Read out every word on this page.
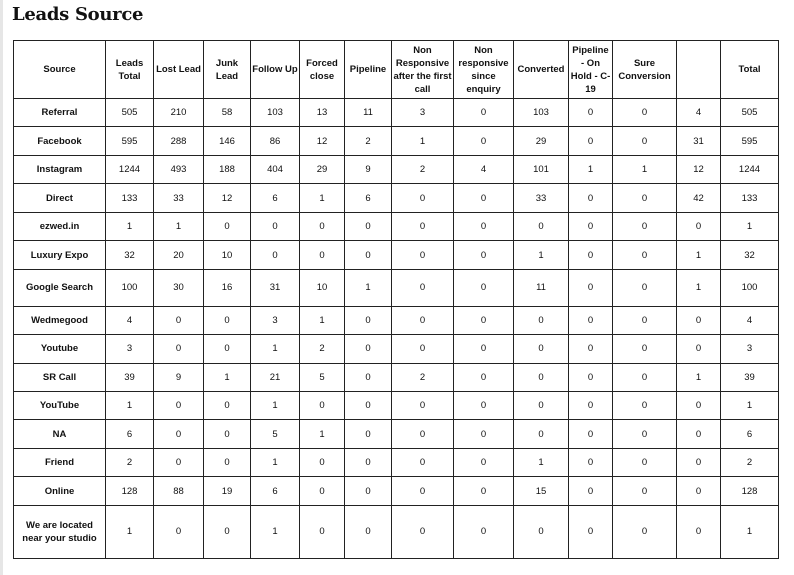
Leads Source
Source	Leads Total	Lost Lead	Junk Lead	Follow Up	Forced close	Pipeline	Non Responsive after the first call	Non responsive since enquiry	Converted	Pipeline - On Hold - C-19	Sure Conversion		Total
Referral	505	210	58	103	13	11	3	0	103	0	0	4	505
Facebook	595	288	146	86	12	2	1	0	29	0	0	31	595
Instagram	1244	493	188	404	29	9	2	4	101	1	1	12	1244
Direct	133	33	12	6	1	6	0	0	33	0	0	42	133
ezwed.in	1	1	0	0	0	0	0	0	0	0	0	0	1
Luxury Expo	32	20	10	0	0	0	0	0	1	0	0	1	32
Google Search	100	30	16	31	10	1	0	0	11	0	0	1	100
Wedmegood	4	0	0	3	1	0	0	0	0	0	0	0	4
Youtube	3	0	0	1	2	0	0	0	0	0	0	0	3
SR Call	39	9	1	21	5	0	2	0	0	0	0	1	39
YouTube	1	0	0	1	0	0	0	0	0	0	0	0	1
NA	6	0	0	5	1	0	0	0	0	0	0	0	6
Friend	2	0	0	1	0	0	0	0	1	0	0	0	2
Online	128	88	19	6	0	0	0	0	15	0	0	0	128
We are located near your studio	1	0	0	1	0	0	0	0	0	0	0	0	1
